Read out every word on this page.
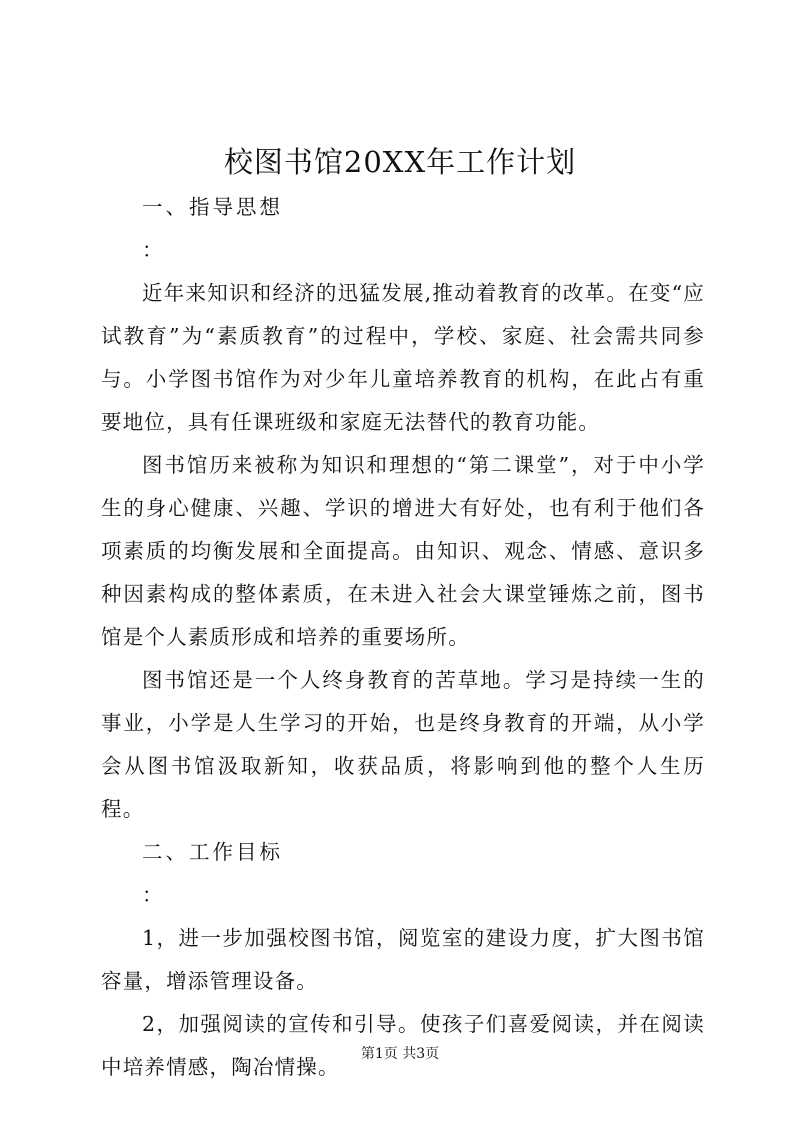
校图书馆20XX年工作计划

一、指导思想

：

近年来知识和经济的迅猛发展,推动着教育的改革。在变“应试教育”为“素质教育”的过程中，学校、家庭、社会需共同参与。小学图书馆作为对少年儿童培养教育的机构，在此占有重要地位，具有任课班级和家庭无法替代的教育功能。

图书馆历来被称为知识和理想的“第二课堂”，对于中小学生的身心健康、兴趣、学识的增进大有好处，也有利于他们各项素质的均衡发展和全面提高。由知识、观念、情感、意识多种因素构成的整体素质，在未进入社会大课堂锤炼之前，图书馆是个人素质形成和培养的重要场所。

图书馆还是一个人终身教育的苦草地。学习是持续一生的事业，小学是人生学习的开始，也是终身教育的开端，从小学会从图书馆汲取新知，收获品质，将影响到他的整个人生历程。

二、工作目标

：

1，进一步加强校图书馆，阅览室的建设力度，扩大图书馆容量，增添管理设备。

2，加强阅读的宣传和引导。使孩子们喜爱阅读，并在阅读中培养情感，陶冶情操。

第1页 共3页
